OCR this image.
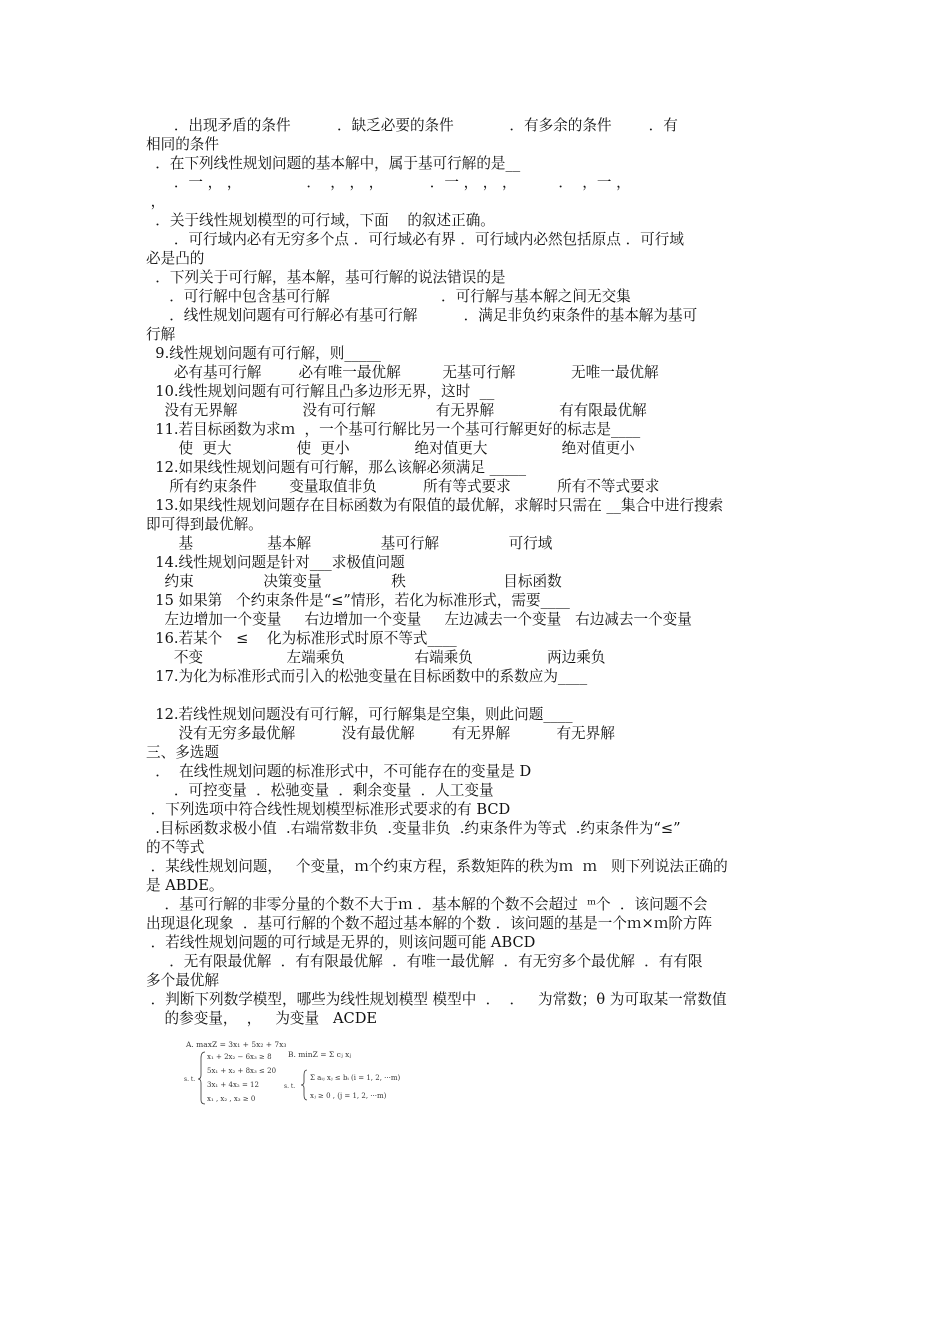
．出现矛盾的条件          ．缺乏必要的条件            ．有多余的条件        ．有
相同的条件
．在下列线性规划问题的基本解中，属于基可行解的是__
．一 ， ，              ．  ， ， ，          ．一 ， ， ，         ．  ，一 ，
，
．关于线性规划模型的可行域，下面    的叙述正确。
．可行域内必有无穷多个点 ．可行域必有界 ．可行域内必然包括原点 ．可行域
必是凸的
．下列关于可行解，基本解，基可行解的说法错误的是
．可行解中包含基可行解                        ．可行解与基本解之间无交集
．线性规划问题有可行解必有基可行解          ．满足非负约束条件的基本解为基可
行解
9.线性规划问题有可行解，则_____
必有基可行解        必有唯一最优解         无基可行解            无唯一最优解
10.线性规划问题有可行解且凸多边形无界，这时  __
没有无界解              没有可行解             有无界解              有有限最优解
11.若目标函数为求ｍ  ，一个基可行解比另一个基可行解更好的标志是____
使  更大              使  更小              绝对值更大                绝对值更小
12.如果线性规划问题有可行解，那么该解必须满足 _____
所有约束条件       变量取值非负          所有等式要求          所有不等式要求
13.如果线性规划问题存在目标函数为有限值的最优解，求解时只需在 __集合中进行搜索
即可得到最优解。
基                基本解               基可行解               可行域
14.线性规划问题是针对___求极值问题
约束               决策变量               秩                     目标函数
15 如果第   个约束条件是“≤”情形，若化为标准形式，需要____
左边增加一个变量     右边增加一个变量     左边减去一个变量   右边减去一个变量
16.若某个   ≤    化为标准形式时原不等式____
不变                  左端乘负               右端乘负                两边乘负
17.为化为标准形式而引入的松弛变量在目标函数中的系数应为____
12.若线性规划问题没有可行解，可行解集是空集，则此问题____
没有无穷多最优解          没有最优解        有无界解          有无界解
三、多选题
．  在线性规划问题的标准形式中，不可能存在的变量是 D
．可控变量  ．松驰变量  ．剩余变量  ．人工变量
．下列选项中符合线性规划模型标准形式要求的有 BCD
.目标函数求极小值  .右端常数非负  .变量非负  .约束条件为等式  .约束条件为“≤”
的不等式
．某线性规划问题，   个变量，ｍ个约束方程，系数矩阵的秩为ｍ  ｍ   则下列说法正确的
是 ABDE。
．基可行解的非零分量的个数不大于ｍ ．基本解的个数不会超过  ᵐ个  ．该问题不会
出现退化现象  ．基可行解的个数不超过基本解的个数 ．该问题的基是一个ｍ×ｍ阶方阵
．若线性规划问题的可行域是无界的，则该问题可能 ABCD
．无有限最优解  ．有有限最优解  ．有唯一最优解  ．有无穷多个最优解  ．有有限
多个最优解
．判断下列数学模型，哪些为线性规划模型 模型中  ．  ．   为常数；θ 为可取某一常数值
的参变量，  ，   为变量   ACDE
A. maxZ = 3x₁ + 5x₂ + 7x₃
s. t.
x₁ + 2x₂ − 6x₃ ≥ 8
5x₁ + x₂ + 8x₃ ≤ 20
3x₁ + 4x₂ = 12
x₁ , x₂ , x₃ ≥ 0
B. minZ = Σ cⱼ xⱼ
s. t.
Σ aᵢⱼ xⱼ ≤ bᵢ (i = 1, 2, ···m)
xⱼ ≥ 0 , (j = 1, 2, ···m)
